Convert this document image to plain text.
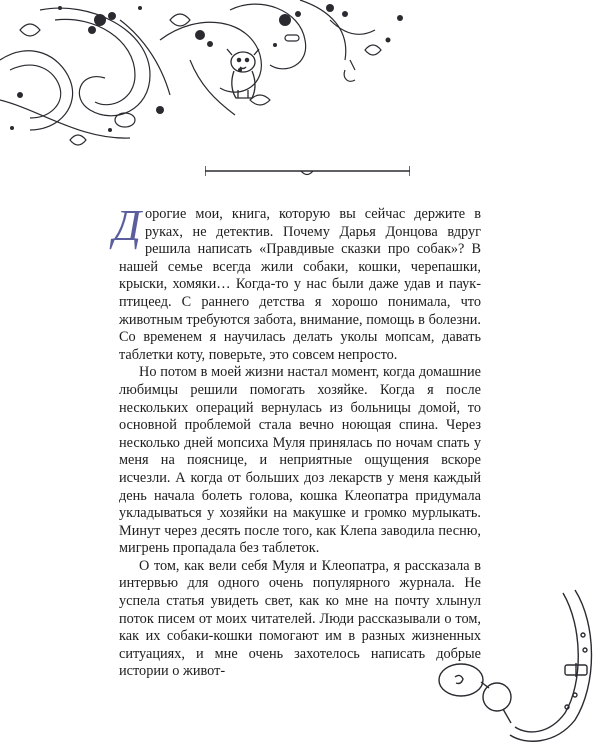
Дорогие мои, книга, которую вы сейчас держите в руках, не детектив. Почему Дарья Донцова вдруг решила написать «Правдивые сказки про собак»? В нашей семье всегда жили собаки, кошки, черепашки, крыски, хомяки… Когда-то у нас были даже удав и паук-птицеед. С раннего детства я хорошо понимала, что животным требуются забота, внимание, помощь в болезни. Со временем я научилась делать уколы мопсам, давать таблетки коту, поверьте, это совсем непросто.

Но потом в моей жизни настал момент, когда домашние любимцы решили помогать хозяйке. Когда я после нескольких операций вернулась из больницы домой, то основной проблемой стала вечно ноющая спина. Через несколько дней мопсиха Муля принялась по ночам спать у меня на пояснице, и неприятные ощущения вскоре исчезли. А когда от больших доз лекарств у меня каждый день начала болеть голова, кошка Клеопатра придумала укладываться у хозяйки на макушке и громко мурлыкать. Минут через десять после того, как Клепа заводила песню, мигрень пропадала без таблеток.

О том, как вели себя Муля и Клеопатра, я рассказала в интервью для одного очень популярного журнала. Не успела статья увидеть свет, как ко мне на почту хлынул поток писем от моих читателей. Люди рассказывали о том, как их собаки-кошки помогают им в разных жизненных ситуациях, и мне очень захотелось написать добрые истории о живот-
